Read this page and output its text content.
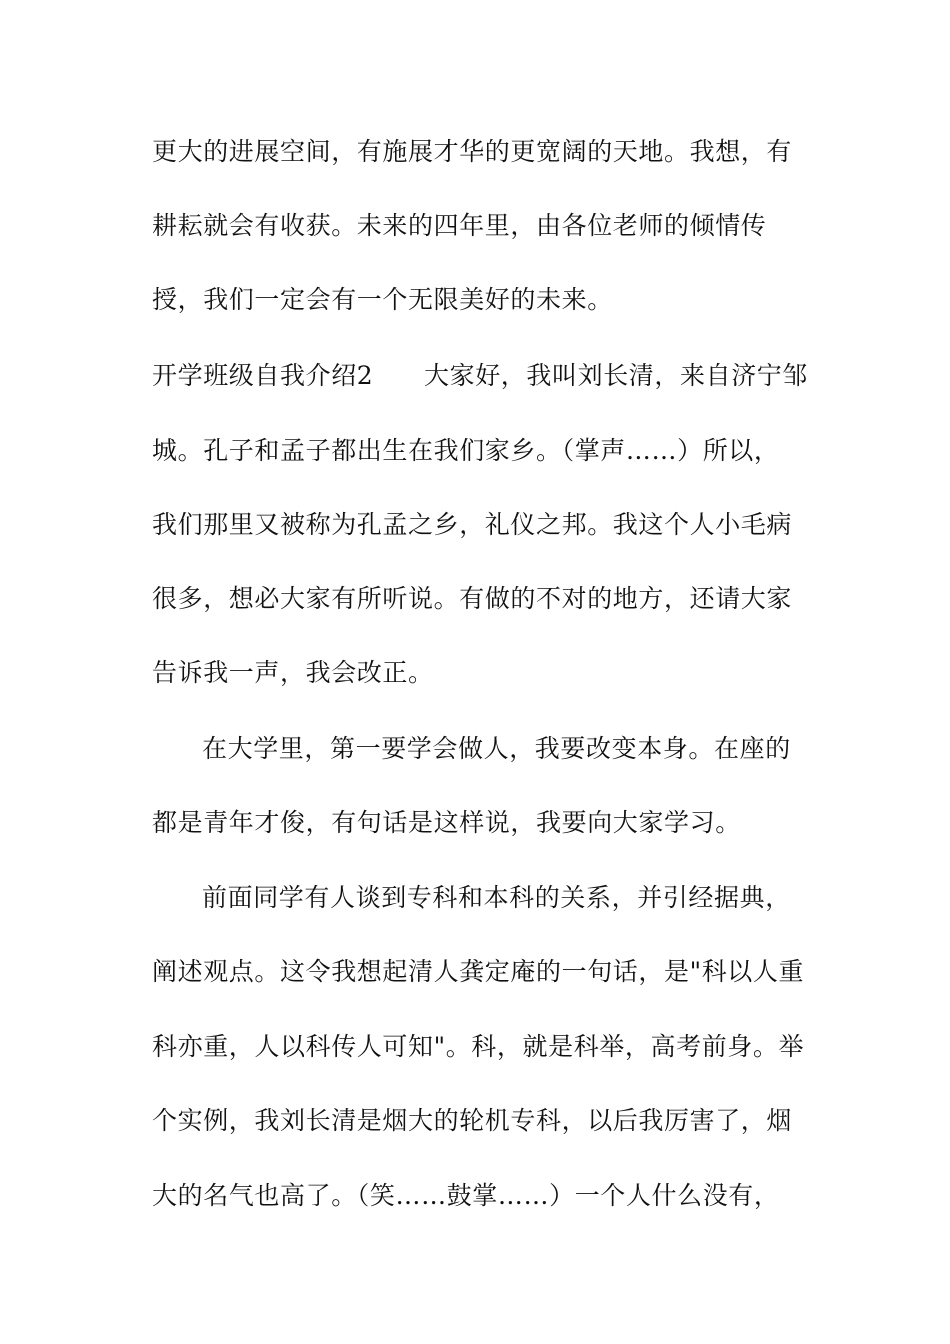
更大的进展空间，有施展才华的更宽阔的天地。我想，有
耕耘就会有收获。未来的四年里，由各位老师的倾情传
授，我们一定会有一个无限美好的未来。
开学班级自我介绍2 大家好，我叫刘长清，来自济宁邹
城。孔子和孟子都出生在我们家乡。（掌声……）所以，
我们那里又被称为孔孟之乡，礼仪之邦。我这个人小毛病
很多，想必大家有所听说。有做的不对的地方，还请大家
告诉我一声，我会改正。
在大学里，第一要学会做人，我要改变本身。在座的
都是青年才俊，有句话是这样说，我要向大家学习。
前面同学有人谈到专科和本科的关系，并引经据典，
阐述观点。这令我想起清人龚定庵的一句话，是"科以人重
科亦重，人以科传人可知"。科，就是科举，高考前身。举
个实例，我刘长清是烟大的轮机专科，以后我厉害了，烟
大的名气也高了。（笑……鼓掌……）一个人什么没有，
